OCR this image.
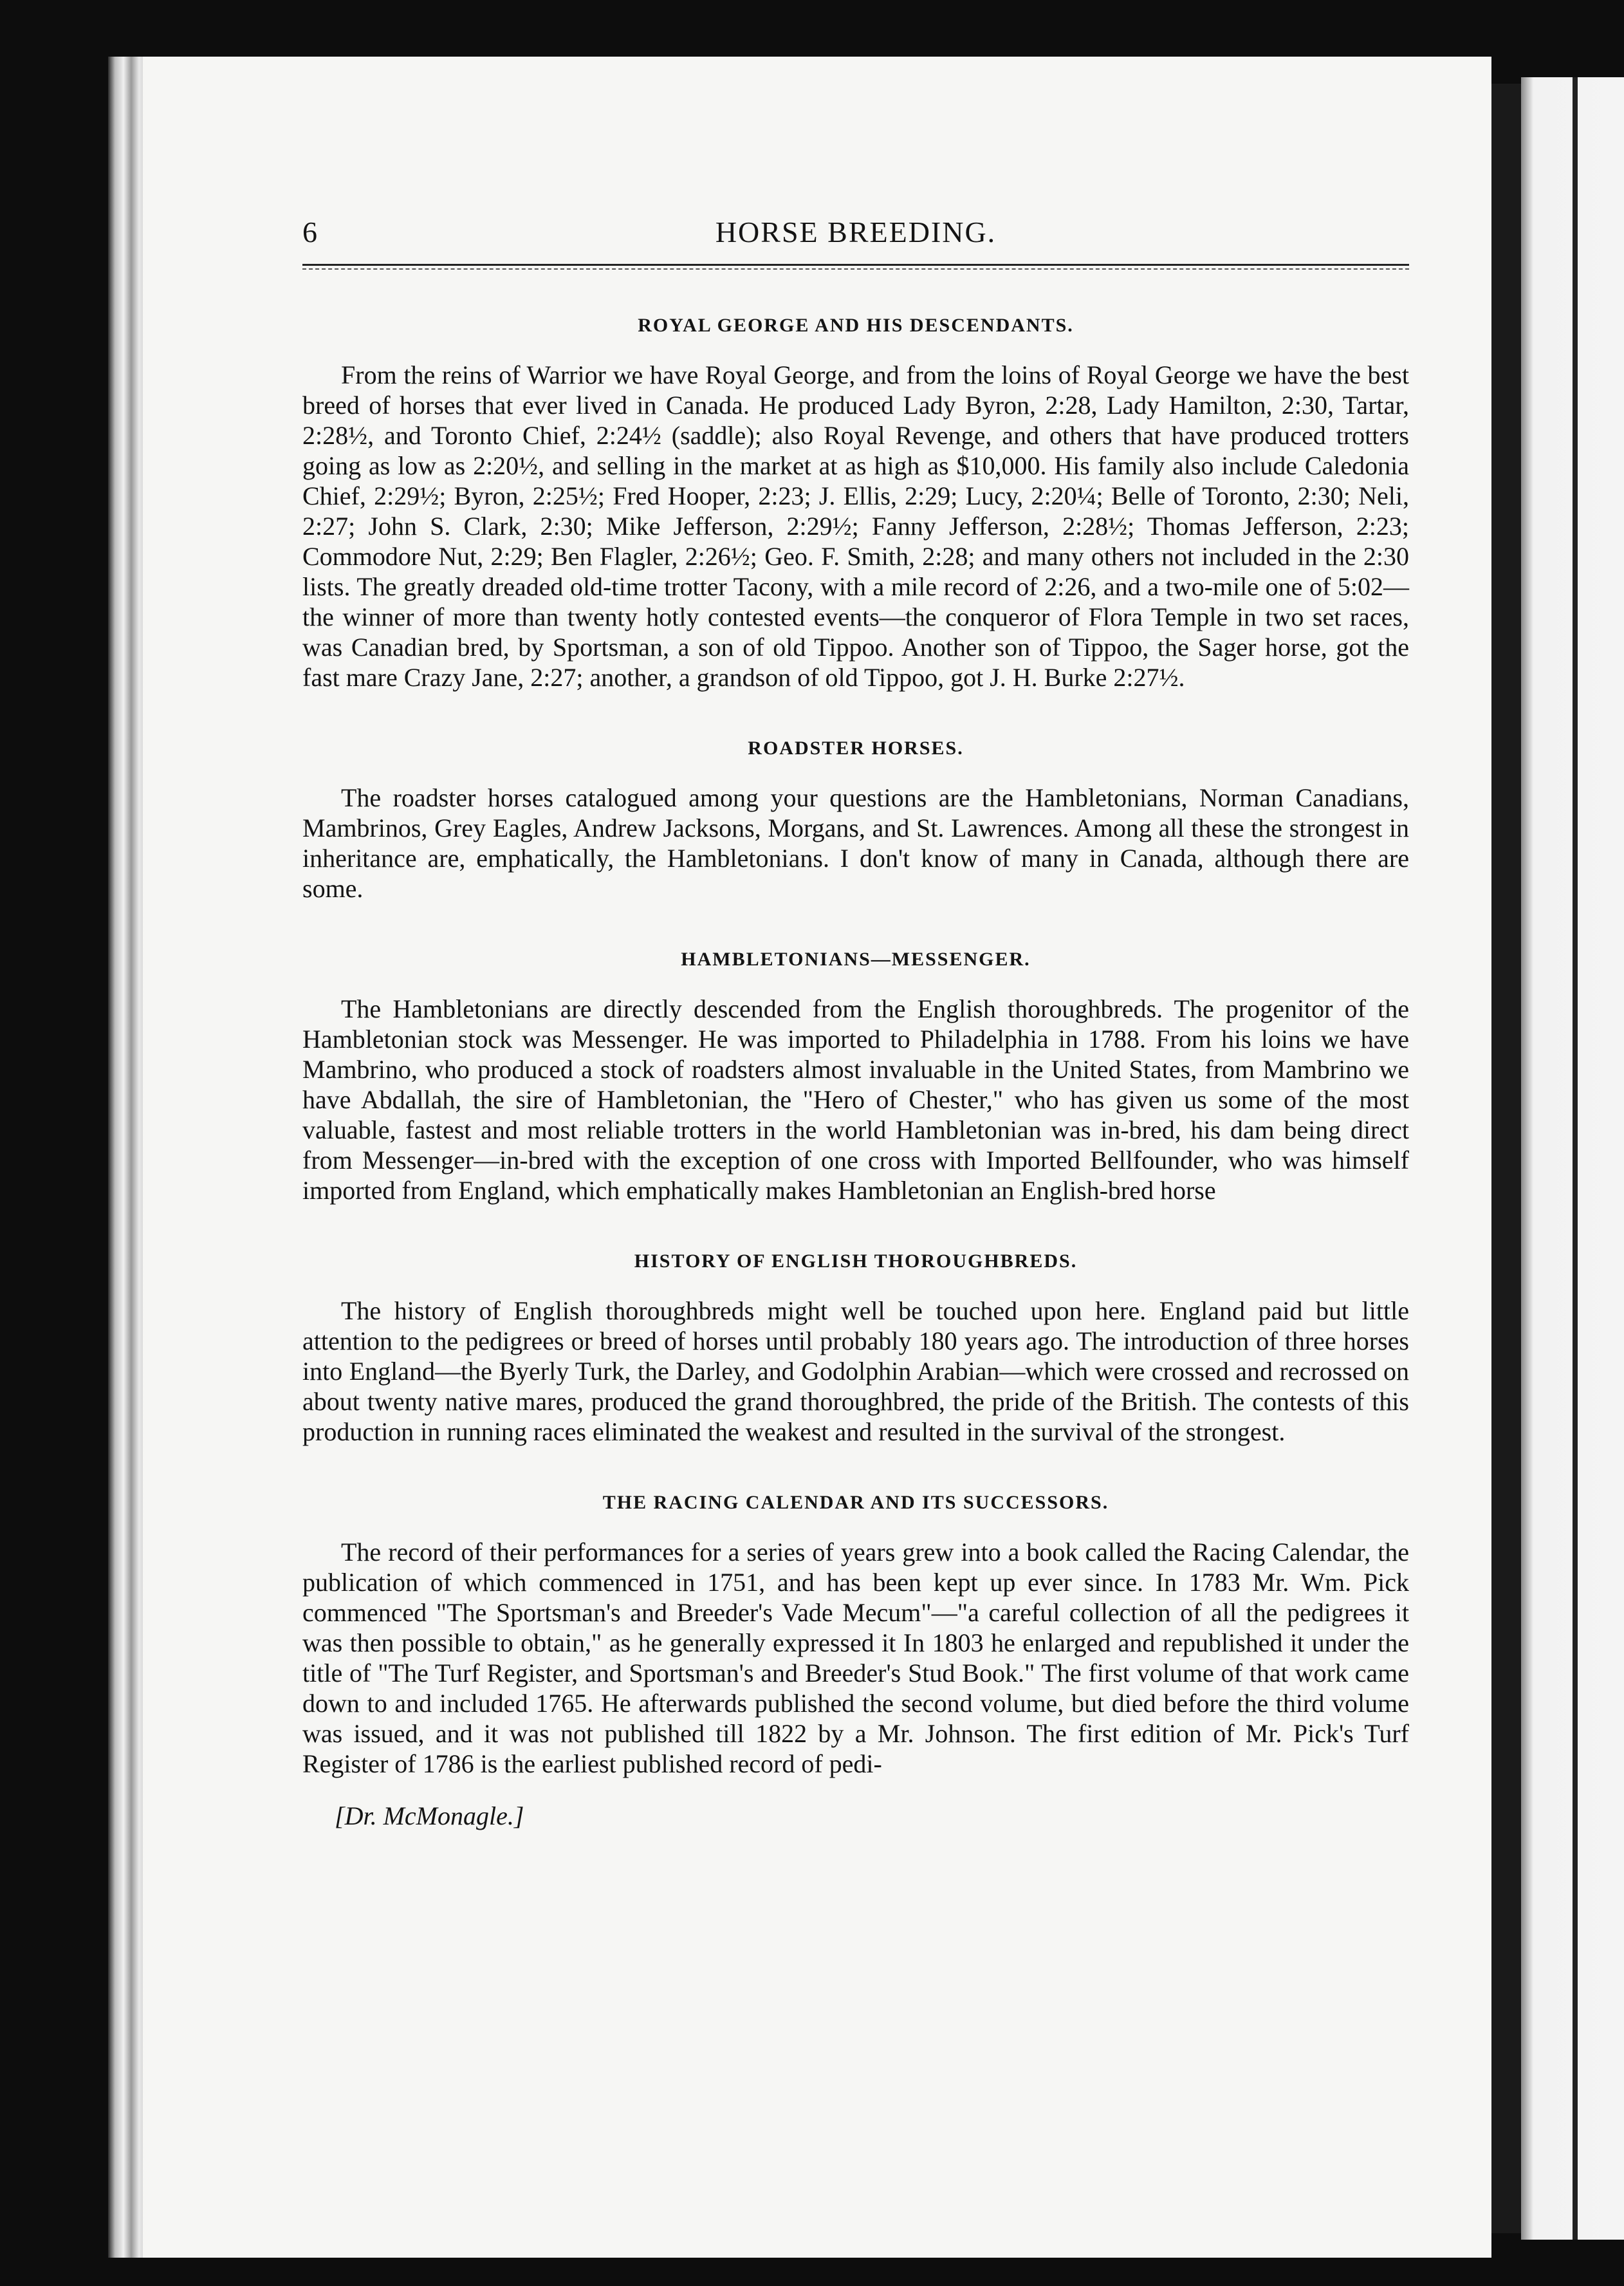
6	HORSE BREEDING.
ROYAL GEORGE AND HIS DESCENDANTS.

From the reins of Warrior we have Royal George, and from the loins of Royal George we have the best breed of horses that ever lived in Canada. He produced Lady Byron, 2:28, Lady Hamilton, 2:30, Tartar, 2:28½, and Toronto Chief, 2:24½ (saddle); also Royal Revenge, and others that have produced trotters going as low as 2:20½, and selling in the market at as high as $10,000. His family also include Caledonia Chief, 2:29½; Byron, 2:25½; Fred Hooper, 2:23; J. Ellis, 2:29; Lucy, 2:20¼; Belle of Toronto, 2:30; Neli, 2:27; John S. Clark, 2:30; Mike Jefferson, 2:29½; Fanny Jefferson, 2:28½; Thomas Jefferson, 2:23; Commodore Nut, 2:29; Ben Flagler, 2:26½; Geo. F. Smith, 2:28; and many others not included in the 2:30 lists. The greatly dreaded old-time trotter Tacony, with a mile record of 2:26, and a two-mile one of 5:02—the winner of more than twenty hotly contested events—the conqueror of Flora Temple in two set races, was Canadian bred, by Sportsman, a son of old Tippoo. Another son of Tippoo, the Sager horse, got the fast mare Crazy Jane, 2:27; another, a grandson of old Tippoo, got J. H. Burke 2:27½.

ROADSTER HORSES.

The roadster horses catalogued among your questions are the Hambletonians, Norman Canadians, Mambrinos, Grey Eagles, Andrew Jacksons, Morgans, and St. Lawrences. Among all these the strongest in inheritance are, emphatically, the Hambletonians. I don't know of many in Canada, although there are some.

HAMBLETONIANS—MESSENGER.

The Hambletonians are directly descended from the English thoroughbreds. The progenitor of the Hambletonian stock was Messenger. He was imported to Philadelphia in 1788. From his loins we have Mambrino, who produced a stock of roadsters almost invaluable in the United States, from Mambrino we have Abdallah, the sire of Hambletonian, the "Hero of Chester," who has given us some of the most valuable, fastest and most reliable trotters in the world Hambletonian was in-bred, his dam being direct from Messenger—in-bred with the exception of one cross with Imported Bellfounder, who was himself imported from England, which emphatically makes Hambletonian an English-bred horse

HISTORY OF ENGLISH THOROUGHBREDS.

The history of English thoroughbreds might well be touched upon here. England paid but little attention to the pedigrees or breed of horses until probably 180 years ago. The introduction of three horses into England—the Byerly Turk, the Darley, and Godolphin Arabian—which were crossed and recrossed on about twenty native mares, produced the grand thoroughbred, the pride of the British. The contests of this production in running races eliminated the weakest and resulted in the survival of the strongest.

THE RACING CALENDAR AND ITS SUCCESSORS.

The record of their performances for a series of years grew into a book called the Racing Calendar, the publication of which commenced in 1751, and has been kept up ever since. In 1783 Mr. Wm. Pick commenced "The Sportsman's and Breeder's Vade Mecum"—"a careful collection of all the pedigrees it was then possible to obtain," as he generally expressed it In 1803 he enlarged and republished it under the title of "The Turf Register, and Sportsman's and Breeder's Stud Book." The first volume of that work came down to and included 1765. He afterwards published the second volume, but died before the third volume was issued, and it was not published till 1822 by a Mr. Johnson. The first edition of Mr. Pick's Turf Register of 1786 is the earliest published record of pedi-

[Dr. McMonagle.]
